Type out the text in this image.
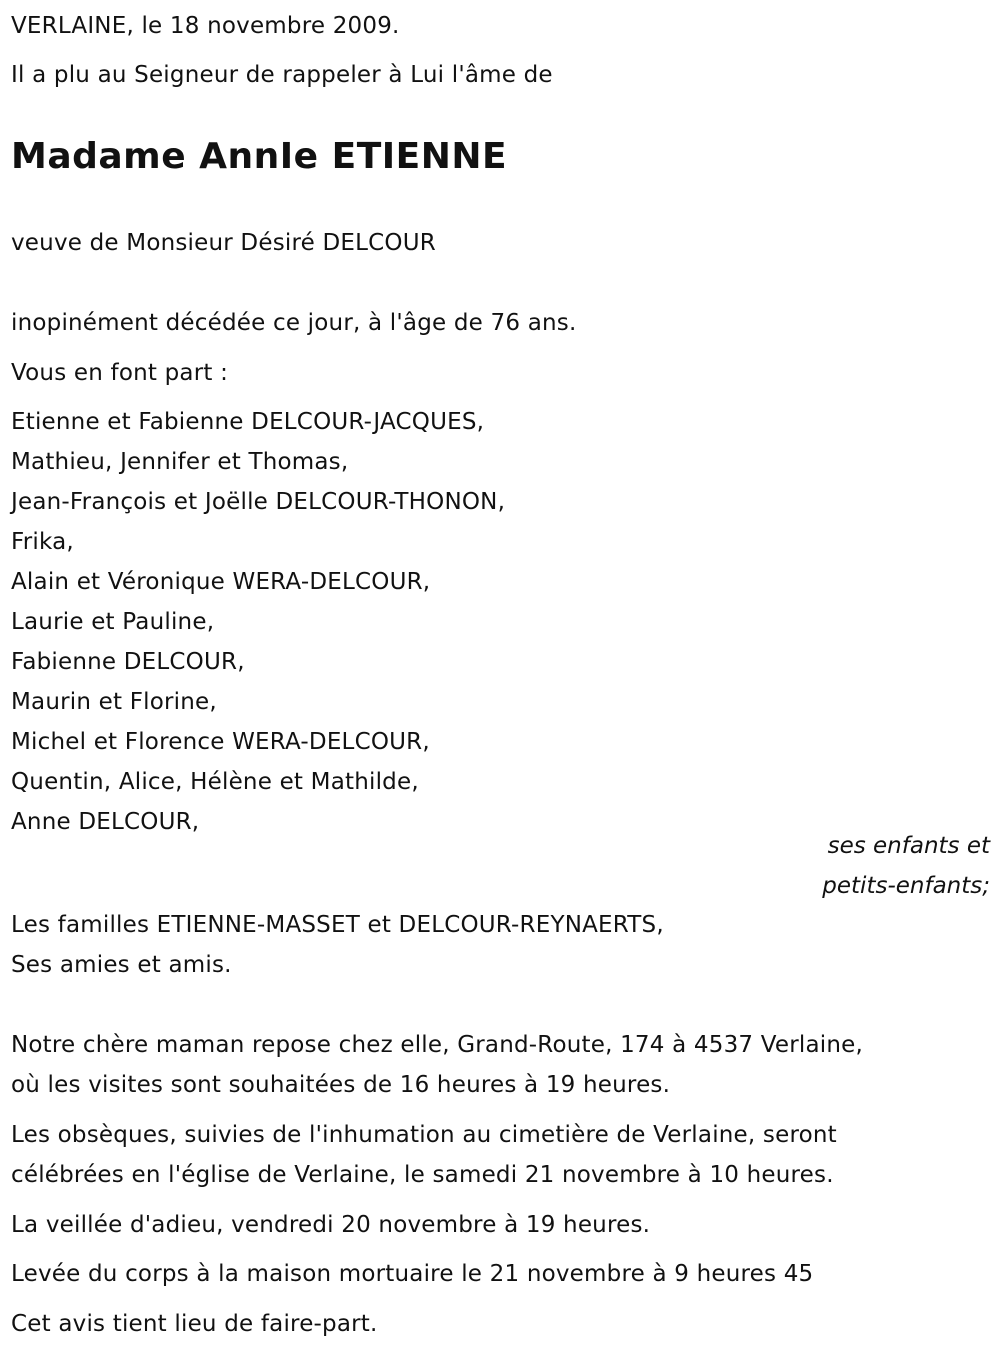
VERLAINE, le 18 novembre 2009.
Il a plu au Seigneur de rappeler à Lui l'âme de
Madame AnnIe ETIENNE
veuve de Monsieur Désiré DELCOUR
inopinément décédée ce jour, à l'âge de 76 ans.
Vous en font part :
Etienne et Fabienne DELCOUR-JACQUES,
Mathieu, Jennifer et Thomas,
Jean-François et Joëlle DELCOUR-THONON,
Frika,
Alain et Véronique WERA-DELCOUR,
Laurie et Pauline,
Fabienne DELCOUR,
Maurin et Florine,
Michel et Florence WERA-DELCOUR,
Quentin, Alice, Hélène et Mathilde,
Anne DELCOUR,
ses enfants et
petits-enfants;
Les familles ETIENNE-MASSET et DELCOUR-REYNAERTS,
Ses amies et amis.
Notre chère maman repose chez elle, Grand-Route, 174 à 4537 Verlaine,
où les visites sont souhaitées de 16 heures à 19 heures.
Les obsèques, suivies de l'inhumation au cimetière de Verlaine, seront
célébrées en l'église de Verlaine, le samedi 21 novembre à 10 heures.
La veillée d'adieu, vendredi 20 novembre à 19 heures.
Levée du corps à la maison mortuaire le 21 novembre à 9 heures 45
Cet avis tient lieu de faire-part.
